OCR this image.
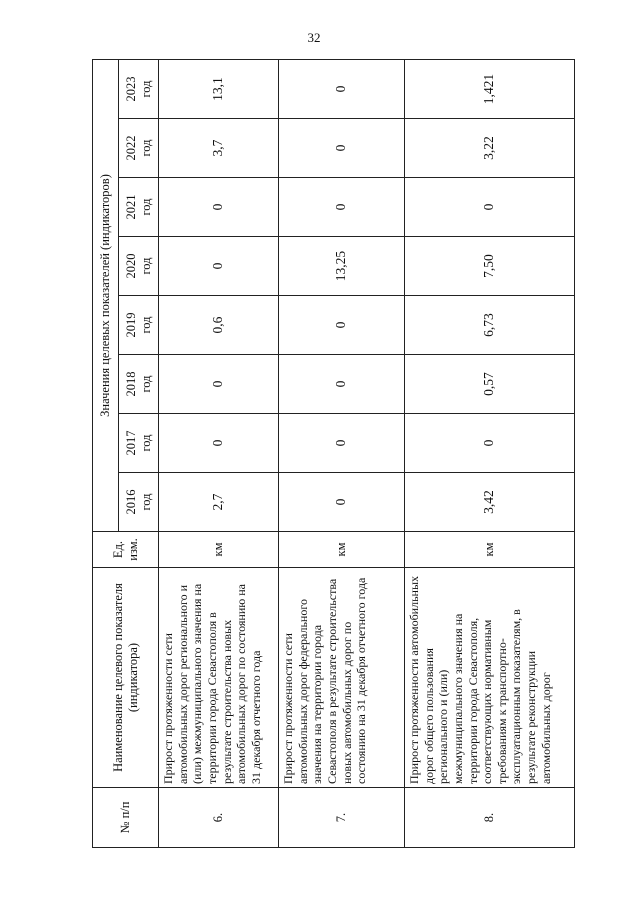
32
№ п/п	Наименование целевого показателя (индикатора)	Ед. изм.	Значения целевых показателей (индикаторов)							

			2016 год	2017 год	2018 год	2019 год	2020 год	2021 год	2022 год	2023 год

6.	Прирост протяженности сети автомобильных дорог регионального и (или) межмуниципального значения на территории города Севастополя в результате строительства новых автомобильных дорог по состоянию на 31 декабря отчетного года	км	2,7	0	0	0,6	0	0	3,7	13,1
7.	Прирост протяженности сети автомобильных дорог федерального значения на территории города Севастополя в результате строительства новых автомобильных дорог по состоянию на 31 декабря отчетного года	км	0	0	0	0	13,25	0	0	0
8.	Прирост протяженности автомобильных дорог общего пользования регионального и (или) межмуниципального значения на территории города Севастополя, соответствующих нормативным требованиям к транспортно-эксплуатационным показателям, в результате реконструкции автомобильных дорог	км	3,42	0	0,57	6,73	7,50	0	3,22	1,421
